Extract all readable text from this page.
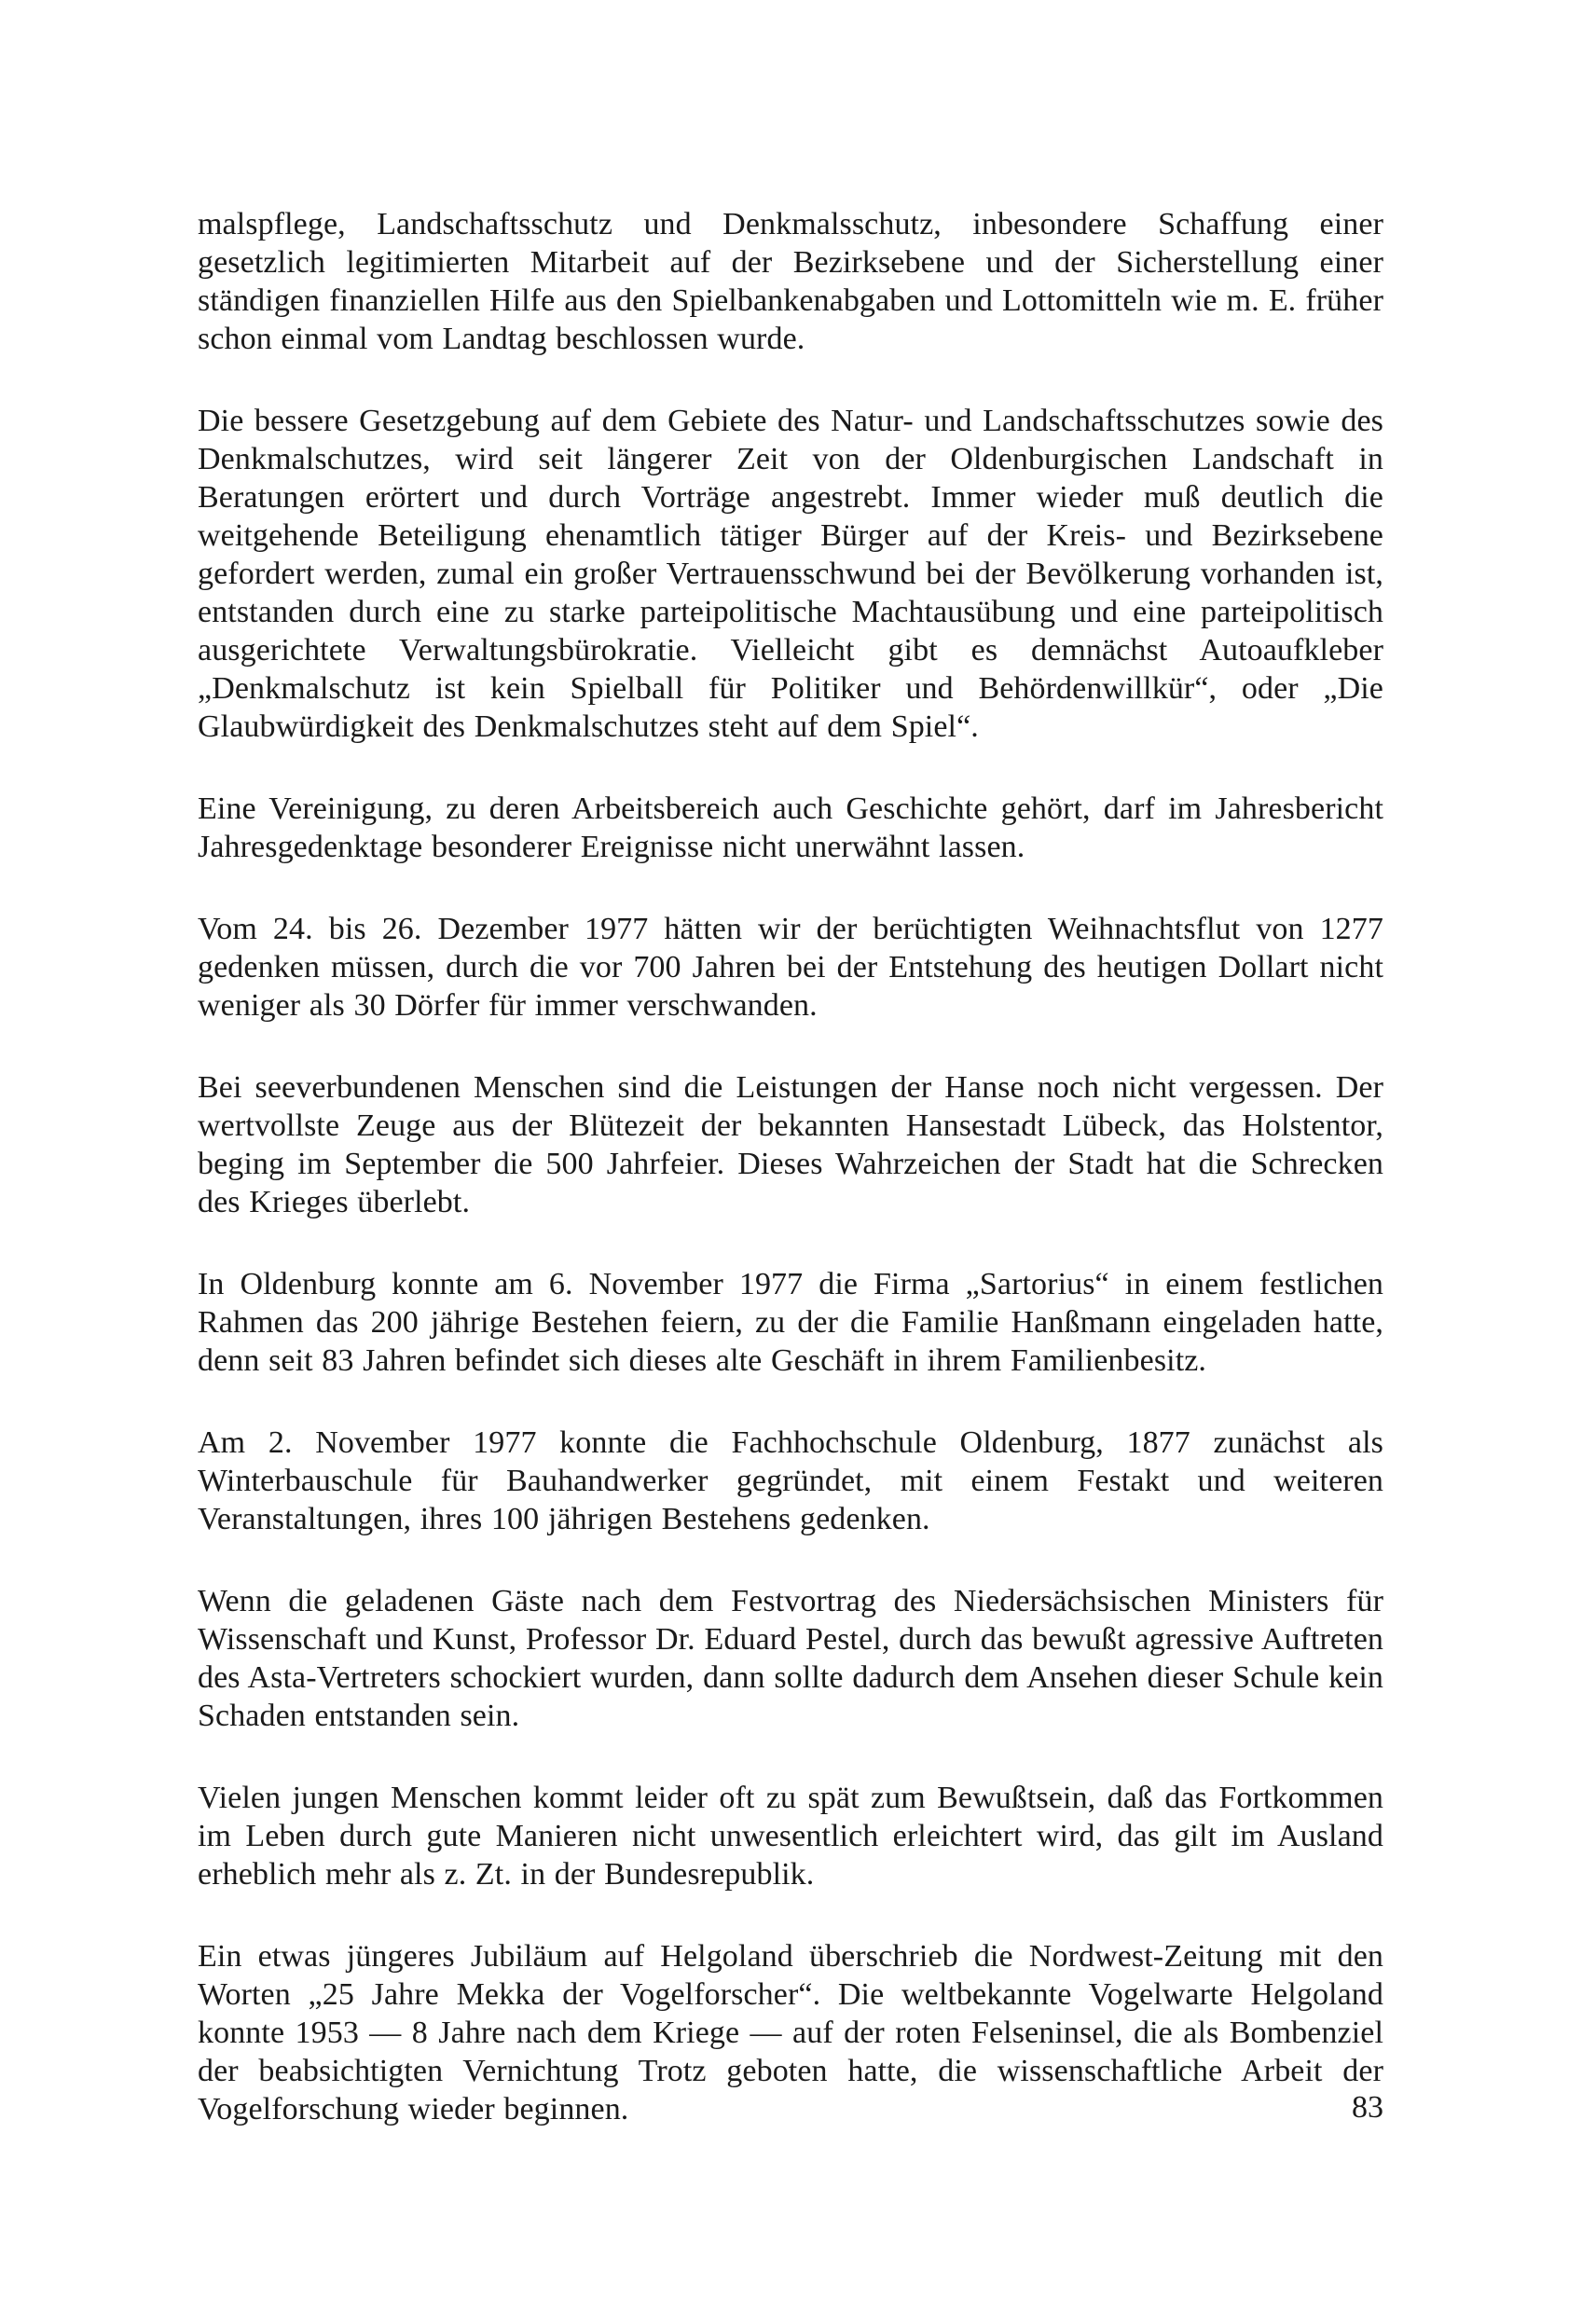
malspflege, Landschaftsschutz und Denkmalsschutz, inbesondere Schaffung einer gesetzlich legitimierten Mitarbeit auf der Bezirksebene und der Sicherstellung einer ständigen finanziellen Hilfe aus den Spielbankenabgaben und Lottomitteln wie m. E. früher schon einmal vom Landtag beschlossen wurde.

Die bessere Gesetzgebung auf dem Gebiete des Natur- und Landschaftsschutzes sowie des Denkmalschutzes, wird seit längerer Zeit von der Oldenburgischen Landschaft in Beratungen erörtert und durch Vorträge angestrebt. Immer wieder muß deutlich die weitgehende Beteiligung ehenamtlich tätiger Bürger auf der Kreis- und Bezirksebene gefordert werden, zumal ein großer Vertrauensschwund bei der Bevölkerung vorhanden ist, entstanden durch eine zu starke parteipolitische Machtausübung und eine parteipolitisch ausgerichtete Verwaltungsbürokratie. Vielleicht gibt es demnächst Autoaufkleber „Denkmalschutz ist kein Spielball für Politiker und Behördenwillkür“, oder „Die Glaubwürdigkeit des Denkmalschutzes steht auf dem Spiel“.

Eine Vereinigung, zu deren Arbeitsbereich auch Geschichte gehört, darf im Jahresbericht Jahresgedenktage besonderer Ereignisse nicht unerwähnt lassen.

Vom 24. bis 26. Dezember 1977 hätten wir der berüchtigten Weihnachtsflut von 1277 gedenken müssen, durch die vor 700 Jahren bei der Entstehung des heutigen Dollart nicht weniger als 30 Dörfer für immer verschwanden.

Bei seeverbundenen Menschen sind die Leistungen der Hanse noch nicht vergessen. Der wertvollste Zeuge aus der Blütezeit der bekannten Hansestadt Lübeck, das Holstentor, beging im September die 500 Jahrfeier. Dieses Wahrzeichen der Stadt hat die Schrecken des Krieges überlebt.

In Oldenburg konnte am 6. November 1977 die Firma „Sartorius“ in einem festlichen Rahmen das 200 jährige Bestehen feiern, zu der die Familie Hanßmann eingeladen hatte, denn seit 83 Jahren befindet sich dieses alte Geschäft in ihrem Familienbesitz.

Am 2. November 1977 konnte die Fachhochschule Oldenburg, 1877 zunächst als Winterbauschule für Bauhandwerker gegründet, mit einem Festakt und weiteren Veranstaltungen, ihres 100 jährigen Bestehens gedenken.

Wenn die geladenen Gäste nach dem Festvortrag des Niedersächsischen Ministers für Wissenschaft und Kunst, Professor Dr. Eduard Pestel, durch das bewußt agressive Auftreten des Asta-Vertreters schockiert wurden, dann sollte dadurch dem Ansehen dieser Schule kein Schaden entstanden sein.

Vielen jungen Menschen kommt leider oft zu spät zum Bewußtsein, daß das Fortkommen im Leben durch gute Manieren nicht unwesentlich erleichtert wird, das gilt im Ausland erheblich mehr als z. Zt. in der Bundesrepublik.

Ein etwas jüngeres Jubiläum auf Helgoland überschrieb die Nordwest-Zeitung mit den Worten „25 Jahre Mekka der Vogelforscher“. Die weltbekannte Vogelwarte Helgoland konnte 1953 — 8 Jahre nach dem Kriege — auf der roten Felseninsel, die als Bombenziel der beabsichtigten Vernichtung Trotz geboten hatte, die wissenschaftliche Arbeit der Vogelforschung wieder beginnen.	83
